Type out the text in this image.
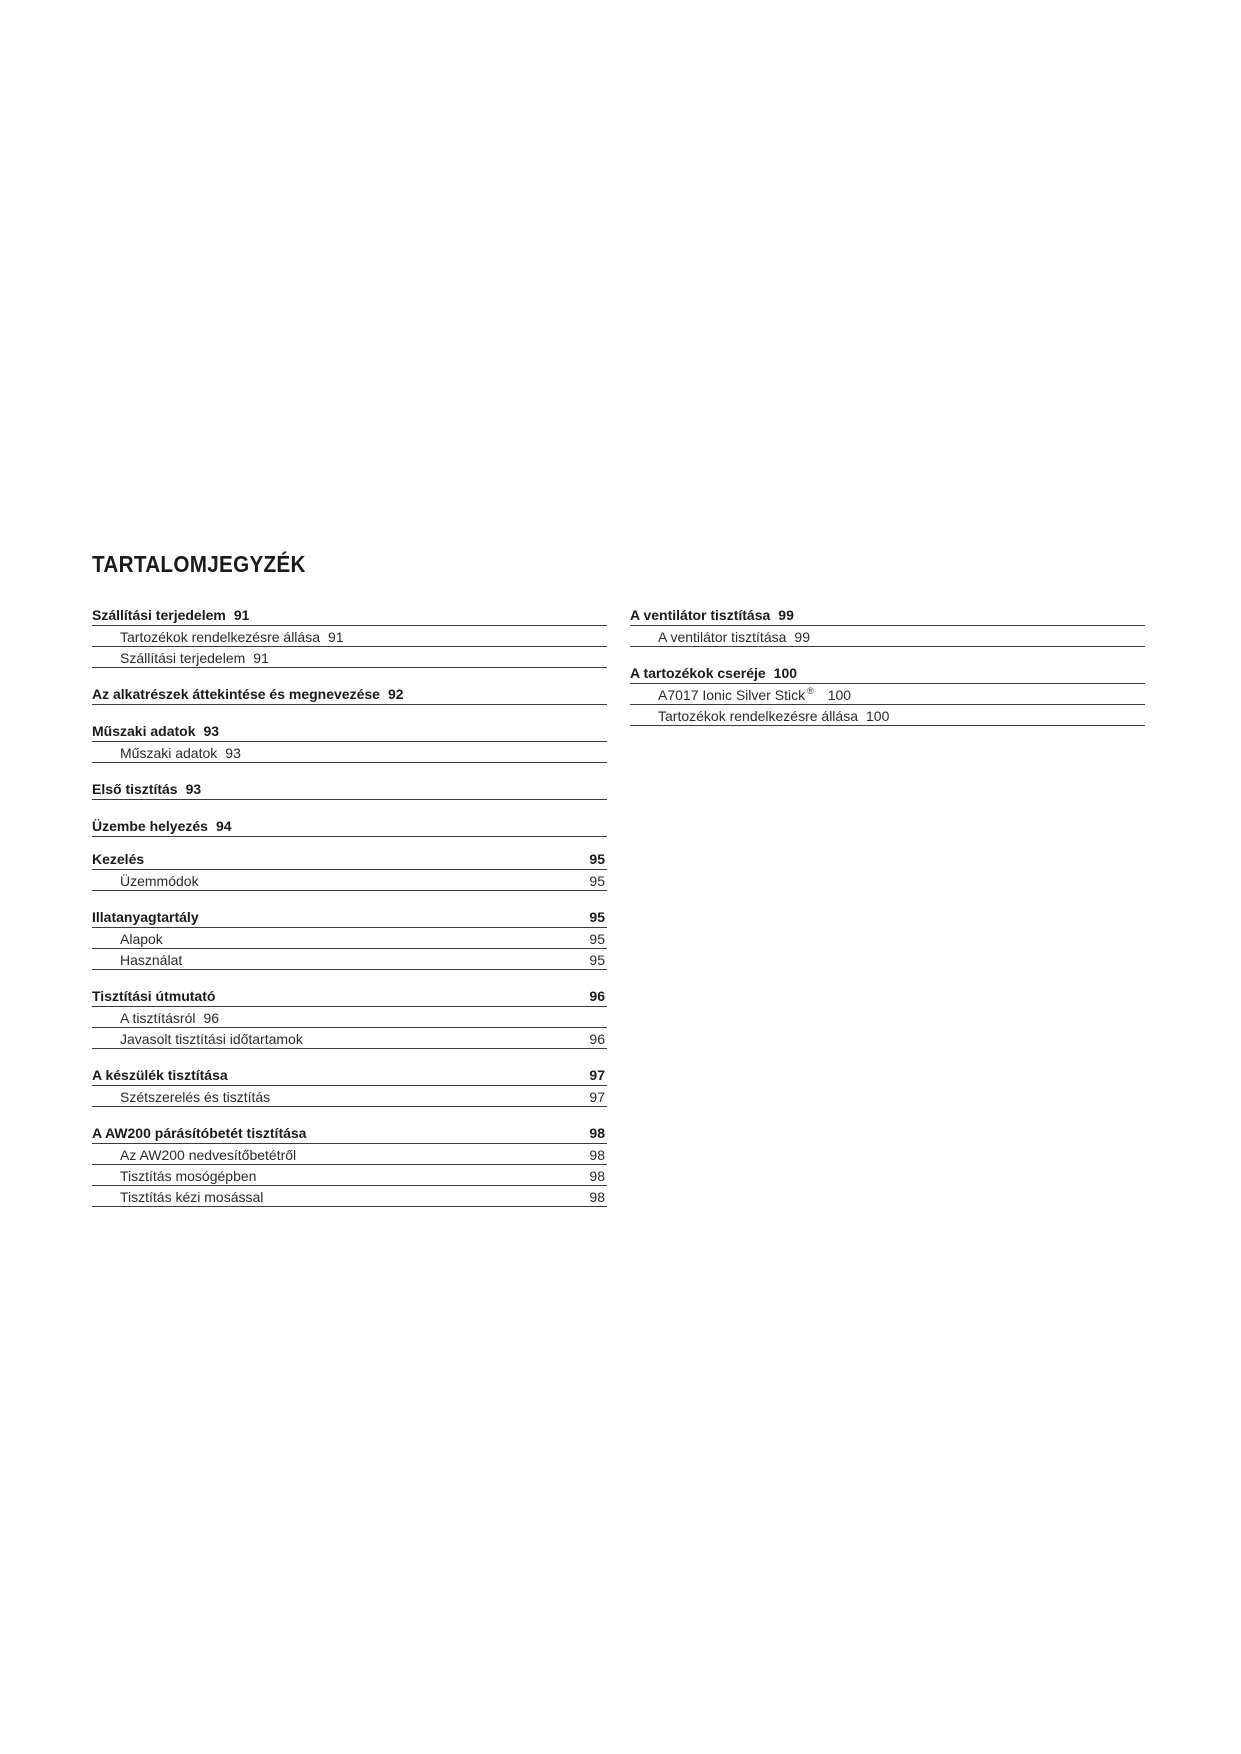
TARTALOMJEGYZÉK
Szállítási terjedelem 91
Tartozékok rendelkezésre állása 91
Szállítási terjedelem 91
Az alkatrészek áttekintése és megnevezése 92
Műszaki adatok 93
Műszaki adatok 93
Első tisztítás 93
Üzembe helyezés 94
Kezelés	95
Üzemmódok	95
Illatanyagtartály	95
Alapok	95
Használat	95
Tisztítási útmutató	96
A tisztításról 96
Javasolt tisztítási időtartamok	96
A készülék tisztítása	97
Szétszerelés és tisztítás	97
A AW200 párásítóbetét tisztítása	98
Az AW200 nedvesítőbetétről	98
Tisztítás mosógépben	98
Tisztítás kézi mosással	98
A ventilátor tisztítása 99
A ventilátor tisztítása 99
A tartozékok cseréje 100
A7017 Ionic Silver Stick ® 100
Tartozékok rendelkezésre állása 100
